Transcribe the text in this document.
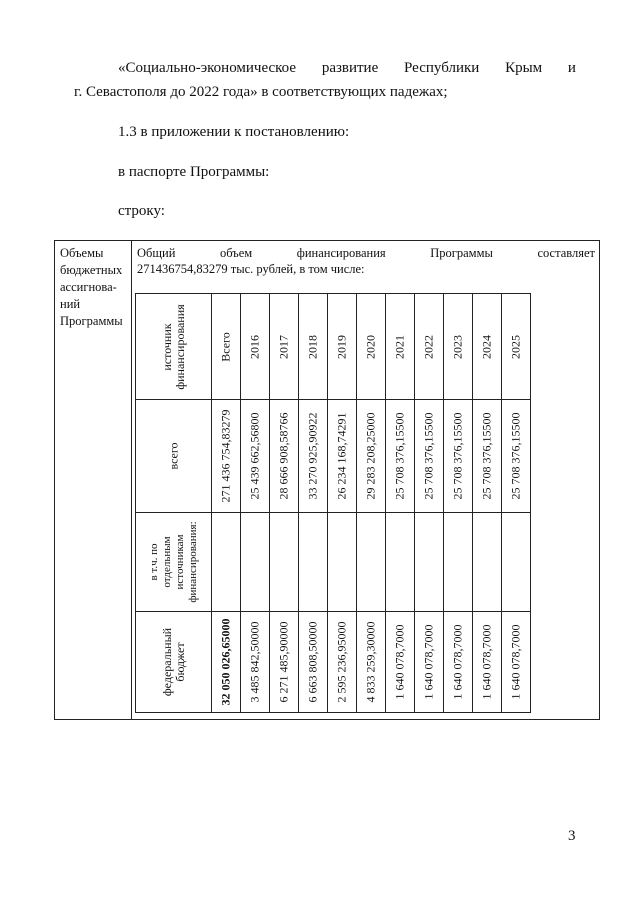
«Социально-экономическое развитие Республики Крым и
г. Севастополя до 2022 года» в соответствующих падежах;
1.3 в приложении к постановлению:
в паспорте Программы:
строку:
Объемы
бюджетных
ассигнова-
ний
Программы
Общий	объем	финансирования	Программы	составляет
271436754,83279 тыс. рублей, в том числе:
источник
финансирования	Всего	2016	2017	2018	2019	2020	2021	2022	2023	2024	2025

всего	271 436 754,83279	25 439 662,56800	28 666 908,58766	33 270 925,90922	26 234 168,74291	29 283 208,25000	25 708 376,15500	25 708 376,15500	25 708 376,15500	25 708 376,15500	25 708 376,15500

в т.ч. по
отдельным
источникам
финансирования:											

федеральный
бюджет	32 050 026,65000	3 485 842,50000	6 271 485,90000	6 663 808,50000	2 595 236,95000	4 833 259,30000	1 640 078,7000	1 640 078,7000	1 640 078,7000	1 640 078,7000	1 640 078,7000
3
